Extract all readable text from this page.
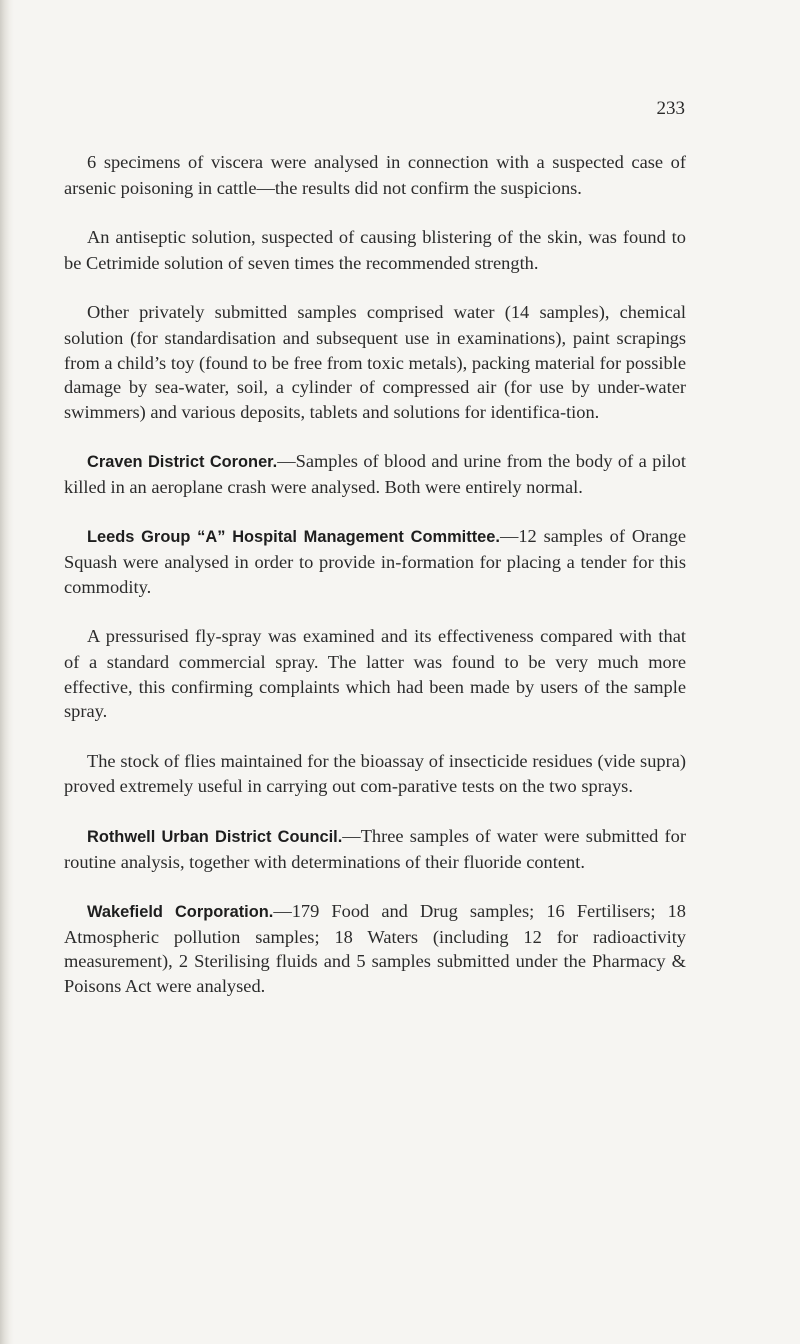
233

6 specimens of viscera were analysed in connection with a suspected case of arsenic poisoning in cattle—the results did not confirm the suspicions.

An antiseptic solution, suspected of causing blistering of the skin, was found to be Cetrimide solution of seven times the recommended strength.

Other privately submitted samples comprised water (14 samples), chemical solution (for standardisation and subsequent use in examinations), paint scrapings from a child’s toy (found to be free from toxic metals), packing material for possible damage by sea-water, soil, a cylinder of compressed air (for use by under-water swimmers) and various deposits, tablets and solutions for identifica-tion.

Craven District Coroner.—Samples of blood and urine from the body of a pilot killed in an aeroplane crash were analysed. Both were entirely normal.

Leeds Group “A” Hospital Management Committee.—12 samples of Orange Squash were analysed in order to provide in-formation for placing a tender for this commodity.

A pressurised fly-spray was examined and its effectiveness compared with that of a standard commercial spray. The latter was found to be very much more effective, this confirming complaints which had been made by users of the sample spray.

The stock of flies maintained for the bioassay of insecticide residues (vide supra) proved extremely useful in carrying out com-parative tests on the two sprays.

Rothwell Urban District Council.—Three samples of water were submitted for routine analysis, together with determinations of their fluoride content.

Wakefield Corporation.—179 Food and Drug samples; 16 Fertilisers; 18 Atmospheric pollution samples; 18 Waters (including 12 for radioactivity measurement), 2 Sterilising fluids and 5 samples submitted under the Pharmacy & Poisons Act were analysed.
